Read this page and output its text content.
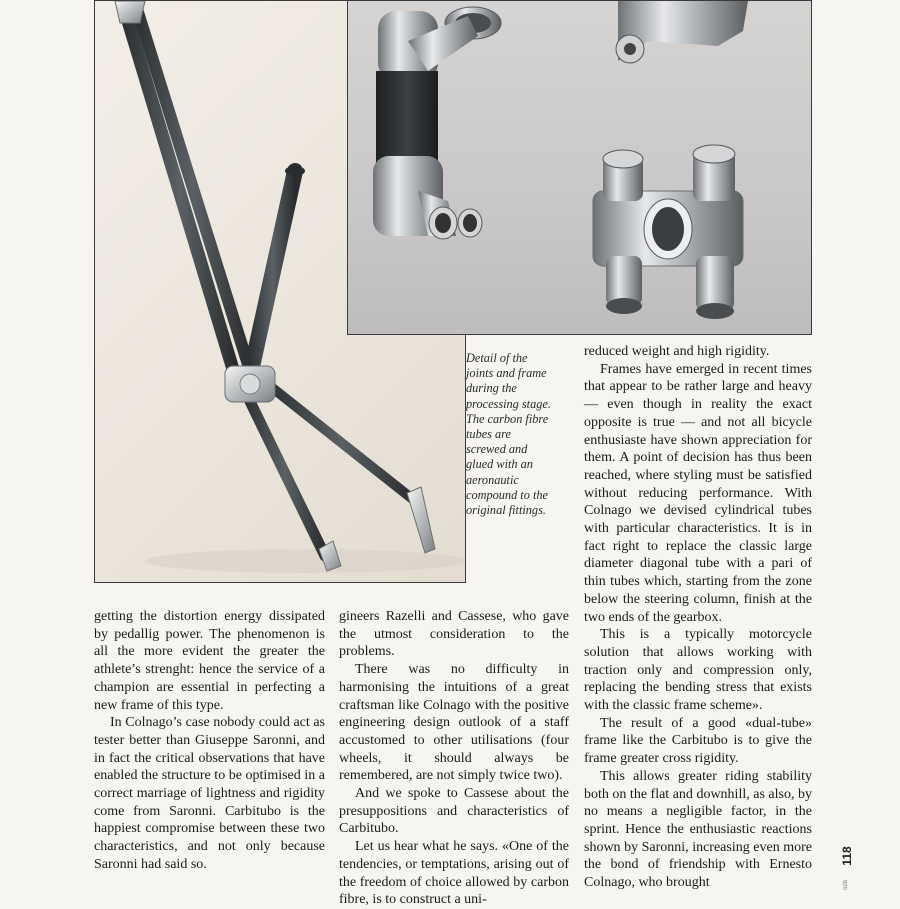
Detail of the
joints and frame
during the
processing stage.
The carbon fibre
tubes are
screwed and
glued with an
aeronautic
compound to the
original fittings.

getting the distortion energy dissipated by pedallig power. The phenomenon is all the more evident the greater the athlete’s strenght: hence the service of a champion are essential in perfecting a new frame of this type.

In Colnago’s case nobody could act as tester better than Giuseppe Saronni, and in fact the critical observations that have enabled the structure to be optimised in a correct marriage of lightness and rigidity come from Saronni. Carbitubo is the happiest compromise between these two characteristics, and not only because Saronni had said so.

gineers Razelli and Cassese, who gave the utmost consideration to the problems.

There was no difficulty in harmonising the intuitions of a great craftsman like Colnago with the positive engineering design outlook of a staff accustomed to other utilisations (four wheels, it should always be remembered, are not simply twice two).

And we spoke to Cassese about the presuppositions and characteristics of Carbitubo.

Let us hear what he says. «One of the tendencies, or temptations, arising out of the freedom of choice allowed by carbon fibre, is to construct a uni-

reduced weight and high rigidity.

Frames have emerged in recent times that appear to be rather large and heavy — even though in reality the exact opposite is true — and not all bicycle enthusiaste have shown appreciation for them. A point of decision has thus been reached, where styling must be satisfied without reducing performance. With Colnago we devised cylindrical tubes with particular characteristics. It is in fact right to replace the classic large diameter diagonal tube with a pari of thin tubes which, starting from the zone below the steering column, finish at the two ends of the gearbox.

This is a typically motorcycle solution that allows working with traction only and compression only, replacing the bending stress that exists with the classic frame scheme».

The result of a good «dual-tube» frame like the Carbitubo is to give the frame greater cross rigidity.

This allows greater riding stability both on the flat and downhill, as also, by no means a negligible factor, in the sprint. Hence the enthusiastic reactions shown by Saronni, increasing even more the bond of friendship with Ernesto Colnago, who brought

118
ozb
